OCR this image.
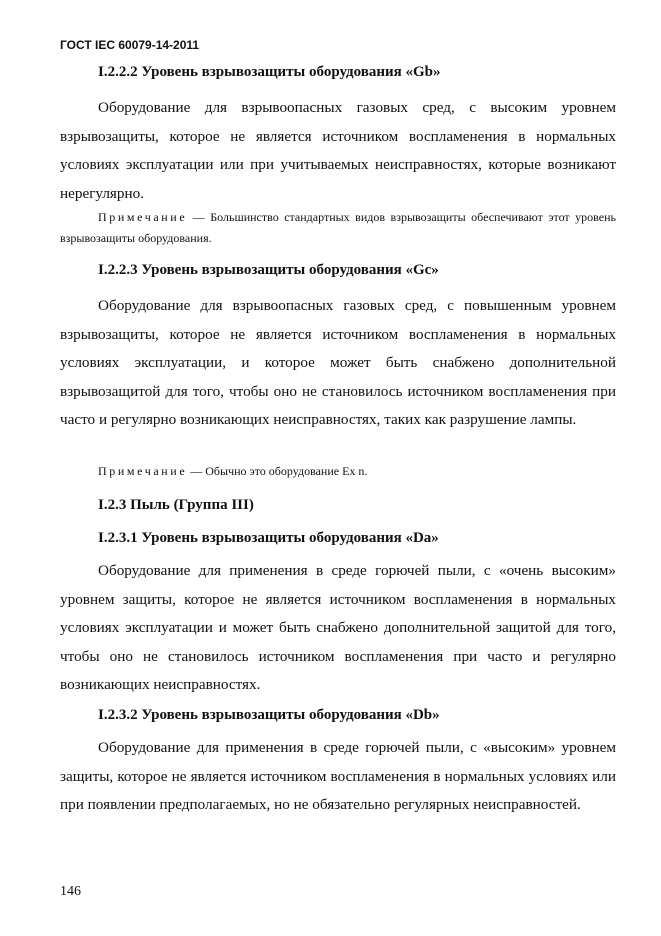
ГОСТ IEC 60079-14-2011
I.2.2.2 Уровень взрывозащиты оборудования «Gb»

Оборудование для взрывоопасных газовых сред, с высоким уровнем взрывозащиты, которое не является источником воспламенения в нормальных условиях эксплуатации или при учитываемых неисправностях, которые возникают нерегулярно.

Примечание — Большинство стандартных видов взрывозащиты обеспечивают этот уровень взрывозащиты оборудования.

I.2.2.3 Уровень взрывозащиты оборудования «Gc»

Оборудование для взрывоопасных газовых сред, с повышенным уровнем взрывозащиты, которое не является источником воспламенения в нормальных условиях эксплуатации, и которое может быть снабжено дополнительной взрывозащитой для того, чтобы оно не становилось источником воспламенения при часто и регулярно возникающих неисправностях, таких как разрушение лампы.

Примечание — Обычно это оборудование Ex n.

I.2.3 Пыль (Группа III)
I.2.3.1 Уровень взрывозащиты оборудования «Da»

Оборудование для применения в среде горючей пыли, с «очень высоким» уровнем защиты, которое не является источником воспламенения в нормальных условиях эксплуатации и может быть снабжено дополнительной защитой для того, чтобы оно не становилось источником воспламенения при часто и регулярно возникающих неисправностях.

I.2.3.2 Уровень взрывозащиты оборудования «Db»

Оборудование для применения в среде горючей пыли, с «высоким» уровнем защиты, которое не является источником воспламенения в нормальных условиях или при появлении предполагаемых, но не обязательно регулярных неисправностей.

146
